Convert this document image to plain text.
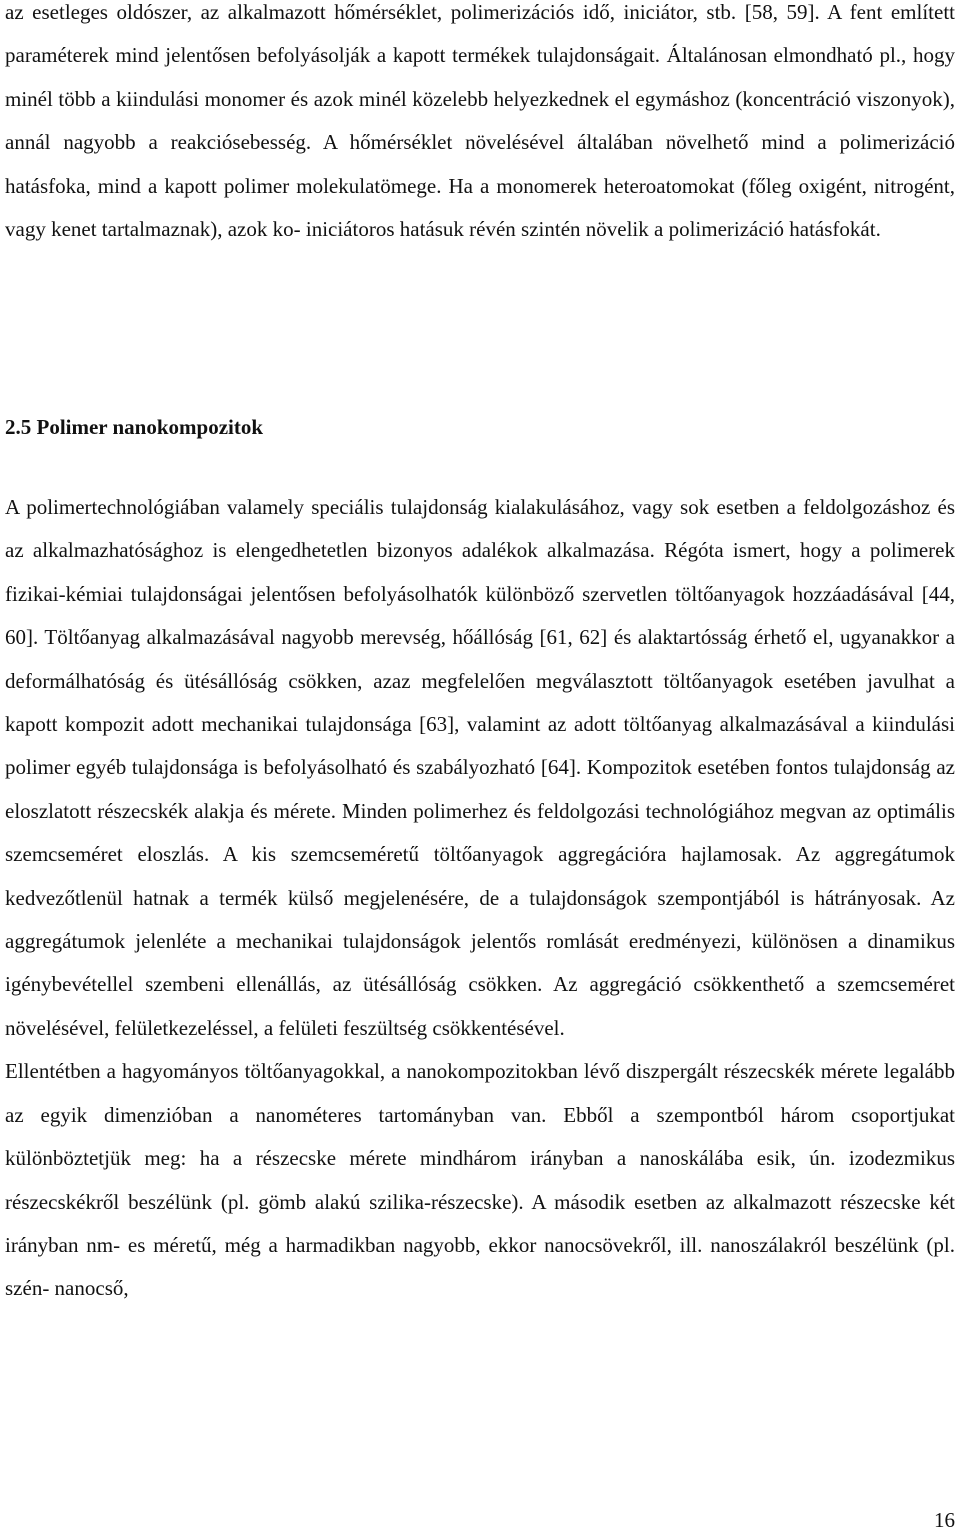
az esetleges oldószer, az alkalmazott hőmérséklet, polimerizációs idő, iniciátor, stb. [58, 59]. A fent említett paraméterek mind jelentősen befolyásolják a kapott termékek tulajdonságait. Általánosan elmondható pl., hogy minél több a kiindulási monomer és azok minél közelebb helyezkednek el egymáshoz (koncentráció viszonyok), annál nagyobb a reakciósebesség. A hőmérséklet növelésével általában növelhető mind a polimerizáció hatásfoka, mind a kapott polimer molekulatömege. Ha a monomerek heteroatomokat (főleg oxigént, nitrogént, vagy kenet tartalmaznak), azok ko- iniciátoros hatásuk révén szintén növelik a polimerizáció hatásfokát.

2.5 Polimer nanokompozitok

A polimertechnológiában valamely speciális tulajdonság kialakulásához, vagy sok esetben a feldolgozáshoz és az alkalmazhatósághoz is elengedhetetlen bizonyos adalékok alkalmazása. Régóta ismert, hogy a polimerek fizikai-kémiai tulajdonságai jelentősen befolyásolhatók különböző szervetlen töltőanyagok hozzáadásával [44, 60]. Töltőanyag alkalmazásával nagyobb merevség, hőállóság [61, 62] és alaktartósság érhető el, ugyanakkor a deformálhatóság és ütésállóság csökken, azaz megfelelően megválasztott töltőanyagok esetében javulhat a kapott kompozit adott mechanikai tulajdonsága [63], valamint az adott töltőanyag alkalmazásával a kiindulási polimer egyéb tulajdonsága is befolyásolható és szabályozható [64]. Kompozitok esetében fontos tulajdonság az eloszlatott részecskék alakja és mérete. Minden polimerhez és feldolgozási technológiához megvan az optimális szemcseméret eloszlás. A kis szemcseméretű töltőanyagok aggregációra hajlamosak. Az aggregátumok kedvezőtlenül hatnak a termék külső megjelenésére, de a tulajdonságok szempontjából is hátrányosak. Az aggregátumok jelenléte a mechanikai tulajdonságok jelentős romlását eredményezi, különösen a dinamikus igénybevétellel szembeni ellenállás, az ütésállóság csökken. Az aggregáció csökkenthető a szemcseméret növelésével, felületkezeléssel, a felületi feszültség csökkentésével.

Ellentétben a hagyományos töltőanyagokkal, a nanokompozitokban lévő diszpergált részecskék mérete legalább az egyik dimenzióban a nanométeres tartományban van. Ebből a szempontból három csoportjukat különböztetjük meg: ha a részecske mérete mindhárom irányban a nanoskálába esik, ún. izodezmikus részecskékről beszélünk (pl. gömb alakú szilika-részecske). A második esetben az alkalmazott részecske két irányban nm- es méretű, még a harmadikban nagyobb, ekkor nanocsövekről, ill. nanoszálakról beszélünk (pl. szén- nanocső,

16
